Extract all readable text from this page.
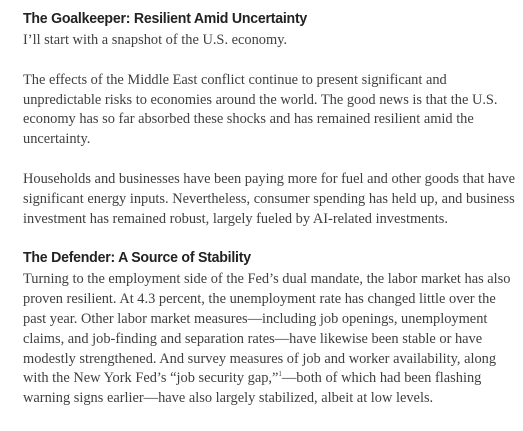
The Goalkeeper: Resilient Amid Uncertainty

I’ll start with a snapshot of the U.S. economy.

The effects of the Middle East conflict continue to present significant and unpredictable risks to economies around the world. The good news is that the U.S. economy has so far absorbed these shocks and has remained resilient amid the uncertainty.

Households and businesses have been paying more for fuel and other goods that have significant energy inputs. Nevertheless, consumer spending has held up, and business investment has remained robust, largely fueled by AI-related investments.

The Defender: A Source of Stability

Turning to the employment side of the Fed’s dual mandate, the labor market has also proven resilient. At 4.3 percent, the unemployment rate has changed little over the past year. Other labor market measures—including job openings, unemployment claims, and job-finding and separation rates—have likewise been stable or have modestly strengthened. And survey measures of job and worker availability, along with the New York Fed’s “job security gap,”$^1$—both of which had been flashing warning signs earlier—have also largely stabilized, albeit at low levels.
